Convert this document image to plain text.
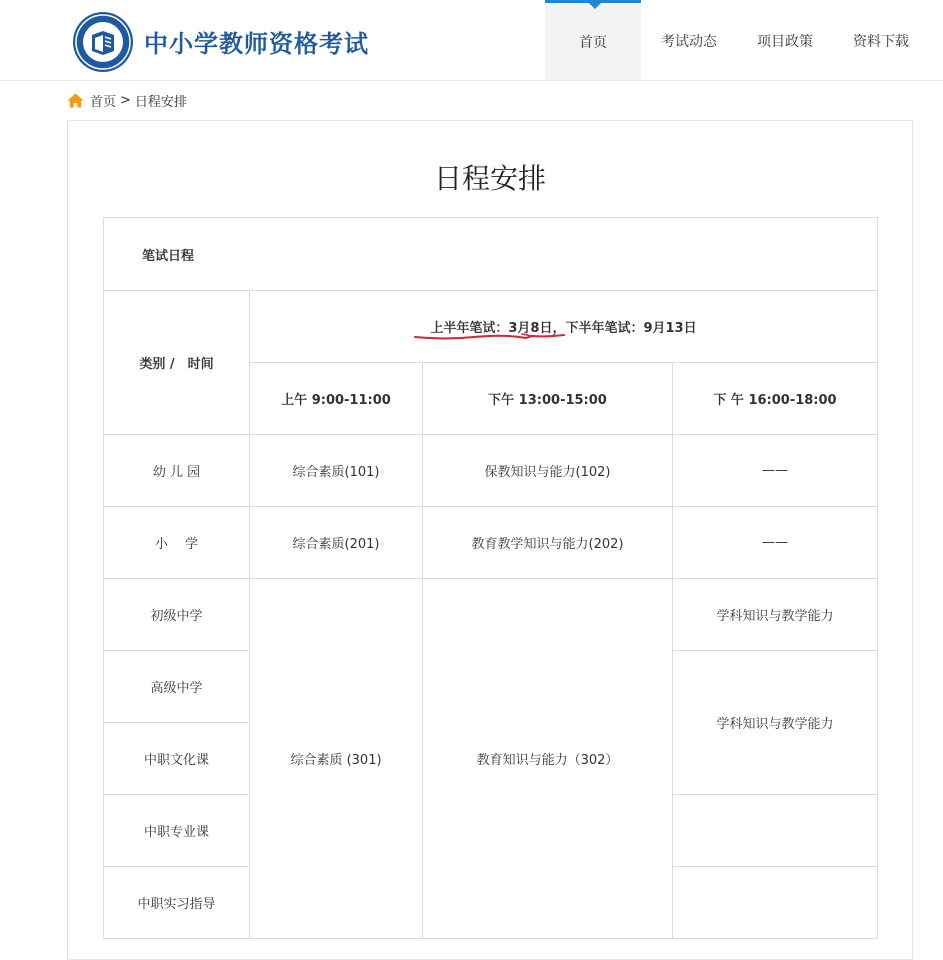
中小学教师资格考试	首页	考试动态	项目政策	资料下载
首页 > 日程安排
日程安排
笔试日程			
类别 /　时间	上半年笔试：3月8日，下半年笔试：9月13日		

	上午 9:00-11:00	下午 13:00-15:00	下 午 16:00-18:00
幼 儿 园	综合素质(101)	保教知识与能力(102)	——
小　 学	综合素质(201)	教育教学知识与能力(202)	——
初级中学	综合素质 (301)	教育知识与能力（302）	学科知识与教学能力
高级中学			学科知识与教学能力
中职文化课			
中职专业课			
中职实习指导			
